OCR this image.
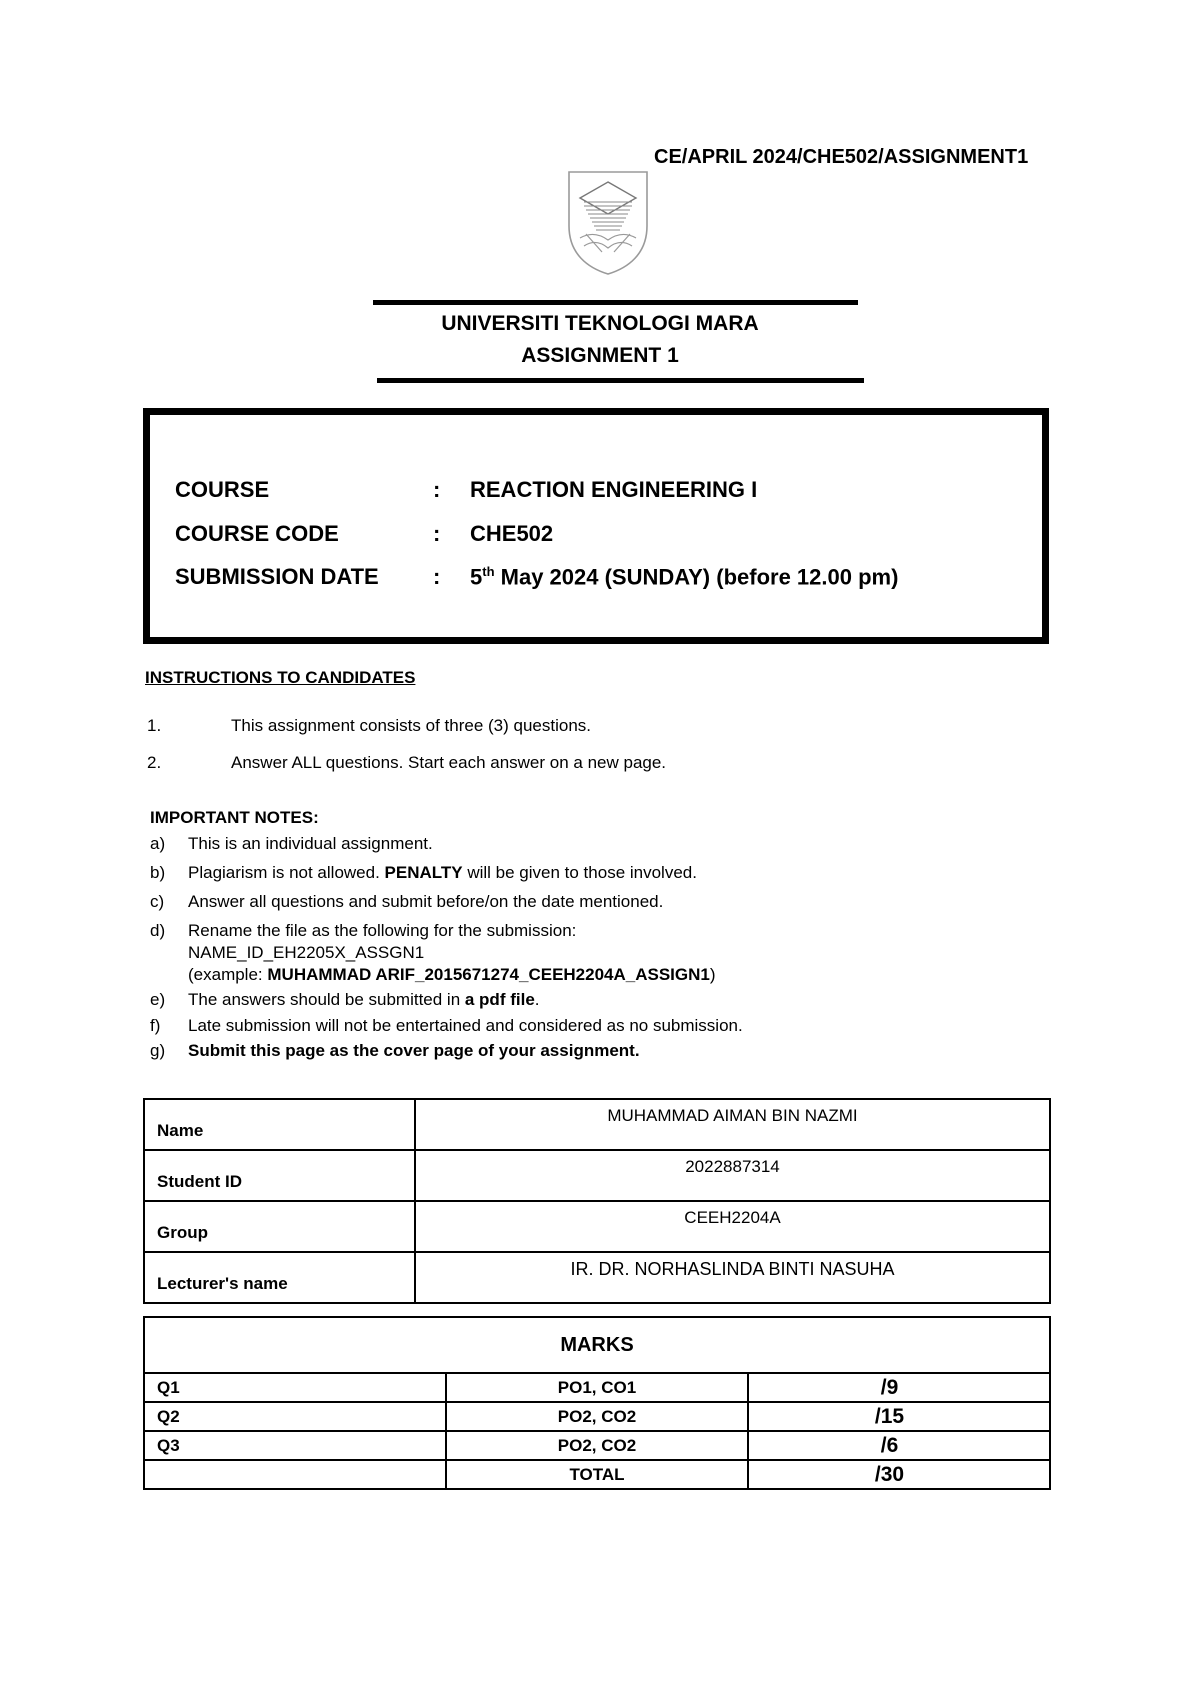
CE/APRIL 2024/CHE502/ASSIGNMENT1
UNIVERSITI TEKNOLOGI MARA
ASSIGNMENT 1
COURSE	: REACTION ENGINEERING I
COURSE CODE	: CHE502
SUBMISSION DATE : 5th May 2024 (SUNDAY) (before 12.00 pm)
INSTRUCTIONS TO CANDIDATES
1.	This assignment consists of three (3) questions.
2.	Answer ALL questions. Start each answer on a new page.
IMPORTANT NOTES:
a) This is an individual assignment.
b) Plagiarism is not allowed. PENALTY will be given to those involved.
c) Answer all questions and submit before/on the date mentioned.
d) Rename the file as the following for the submission:
NAME_ID_EH2205X_ASSGN1
(example: MUHAMMAD ARIF_2015671274_CEEH2204A_ASSIGN1)
e) The answers should be submitted in a pdf file.
f) Late submission will not be entertained and considered as no submission.
g) Submit this page as the cover page of your assignment.
Name	MUHAMMAD AIMAN BIN NAZMI
Student ID	2022887314
Group	CEEH2204A
Lecturer's name	IR. DR. NORHASLINDA BINTI NASUHA
MARKS		
Q1	PO1, CO1	/9
Q2	PO2, CO2	/15
Q3	PO2, CO2	/6
	TOTAL	/30
